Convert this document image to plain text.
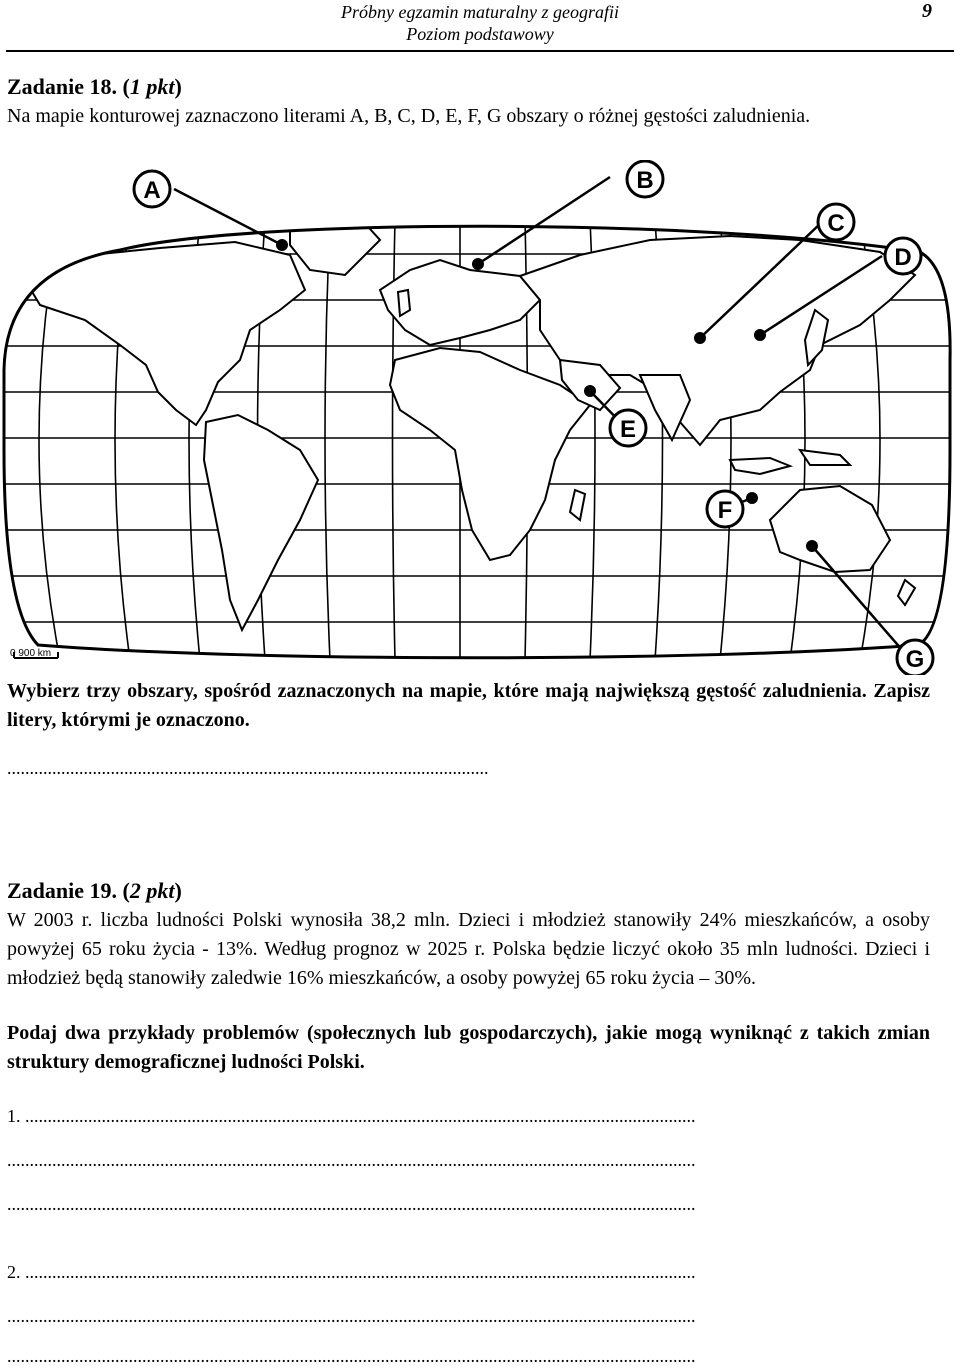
Próbny egzamin maturalny z geografii
Poziom podstawowy
9
Zadanie 18. (1 pkt)

Na mapie konturowej zaznaczono literami A, B, C, D, E, F, G obszary o różnej gęstości zaludnienia.

A	B
C
D
E
F
G
0 900 km

Wybierz trzy obszary, spośród zaznaczonych na mapie, które mają największą gęstość zaludnienia. Zapisz litery, którymi je oznaczono.

...........................................................................................................
Zadanie 19. (2 pkt)

W 2003 r. liczba ludności Polski wynosiła 38,2 mln. Dzieci i młodzież stanowiły 24% mieszkańców, a osoby powyżej 65 roku życia - 13%. Według prognoz w 2025 r. Polska będzie liczyć około 35 mln ludności. Dzieci i młodzież będą stanowiły zaledwie 16% mieszkańców, a osoby powyżej 65 roku życia – 30%.

Podaj dwa przykłady problemów (społecznych lub gospodarczych), jakie mogą wyniknąć z takich zmian struktury demograficznej ludności Polski.

1. .....................................................................................................................................................
.........................................................................................................................................................
.........................................................................................................................................................
2. .....................................................................................................................................................
.........................................................................................................................................................
.........................................................................................................................................................
